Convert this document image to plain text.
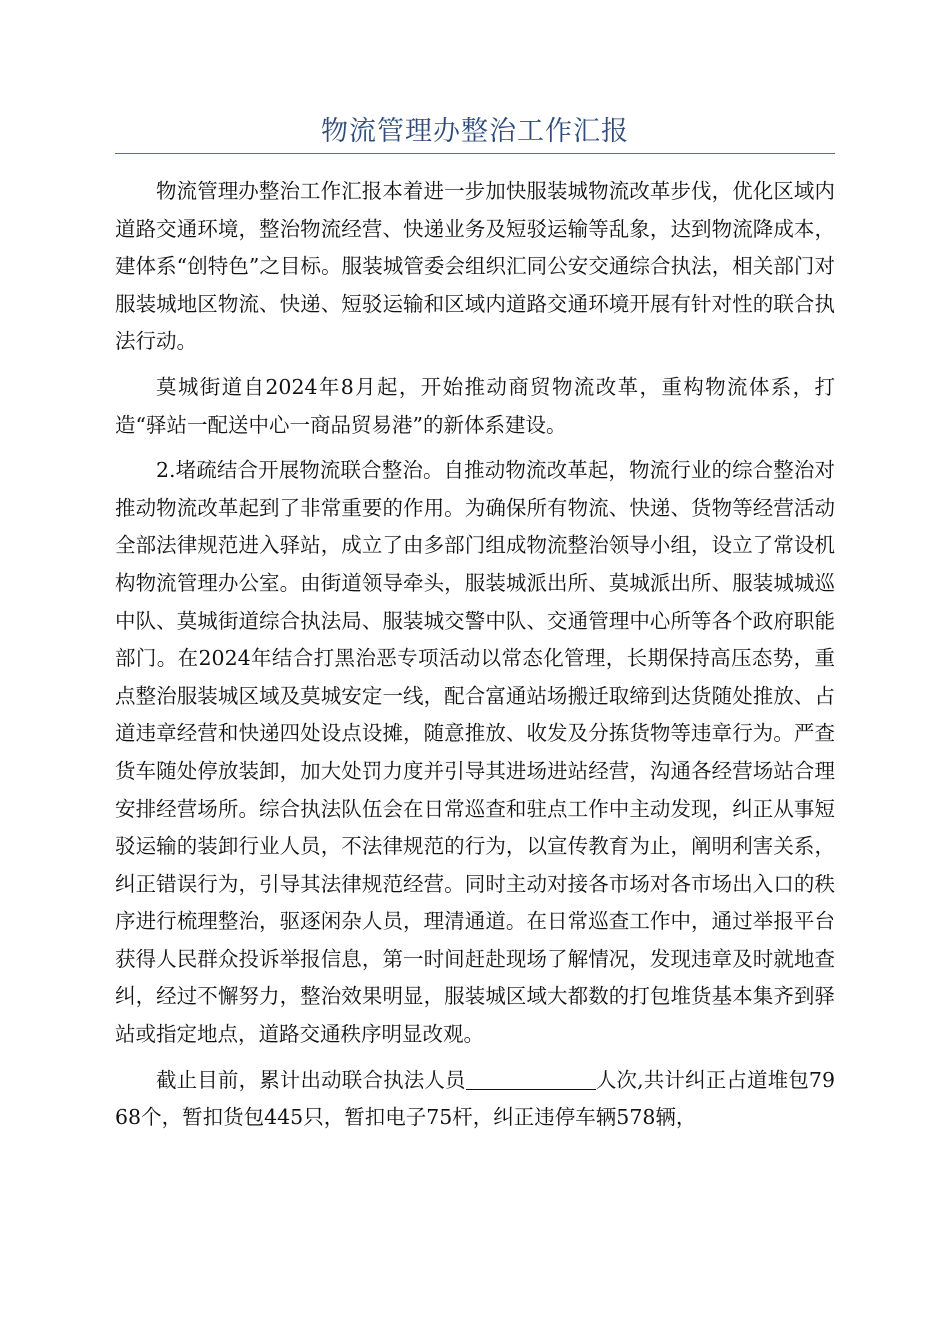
物流管理办整治工作汇报

物流管理办整治工作汇报本着进一步加快服装城物流改革步伐，优化区域内道路交通环境，整治物流经营、快递业务及短驳运输等乱象，达到物流降成本，建体系“创特色”之目标。服装城管委会组织汇同公安交通综合执法，相关部门对服装城地区物流、快递、短驳运输和区域内道路交通环境开展有针对性的联合执法行动。

莫城街道自2024年8月起，开始推动商贸物流改革，重构物流体系，打造“驿站一配送中心一商品贸易港”的新体系建设。

2.堵疏结合开展物流联合整治。自推动物流改革起，物流行业的综合整治对推动物流改革起到了非常重要的作用。为确保所有物流、快递、货物等经营活动全部法律规范进入驿站，成立了由多部门组成物流整治领导小组，设立了常设机构物流管理办公室。由街道领导牵头，服装城派出所、莫城派出所、服装城城巡中队、莫城街道综合执法局、服装城交警中队、交通管理中心所等各个政府职能部门。在2024年结合打黑治恶专项活动以常态化管理，长期保持高压态势，重点整治服装城区域及莫城安定一线，配合富通站场搬迁取缔到达货随处推放、占道违章经营和快递四处设点设摊，随意推放、收发及分拣货物等违章行为。严查货车随处停放装卸，加大处罚力度并引导其进场进站经营，沟通各经营场站合理安排经营场所。综合执法队伍会在日常巡查和驻点工作中主动发现，纠正从事短驳运输的装卸行业人员，不法律规范的行为，以宣传教育为止，阐明利害关系，纠正错误行为，引导其法律规范经营。同时主动对接各市场对各市场出入口的秩序进行梳理整治，驱逐闲杂人员，理清通道。在日常巡查工作中，通过举报平台获得人民群众投诉举报信息，第一时间赶赴现场了解情况，发现违章及时就地查纠，经过不懈努力，整治效果明显，服装城区域大都数的打包堆货基本集齐到驿站或指定地点，道路交通秩序明显改观。

截止目前，累计出动联合执法人员	人次,共计纠正占道堆包7968个，暂扣货包445只，暂扣电子75杆，纠正违停车辆578辆，
